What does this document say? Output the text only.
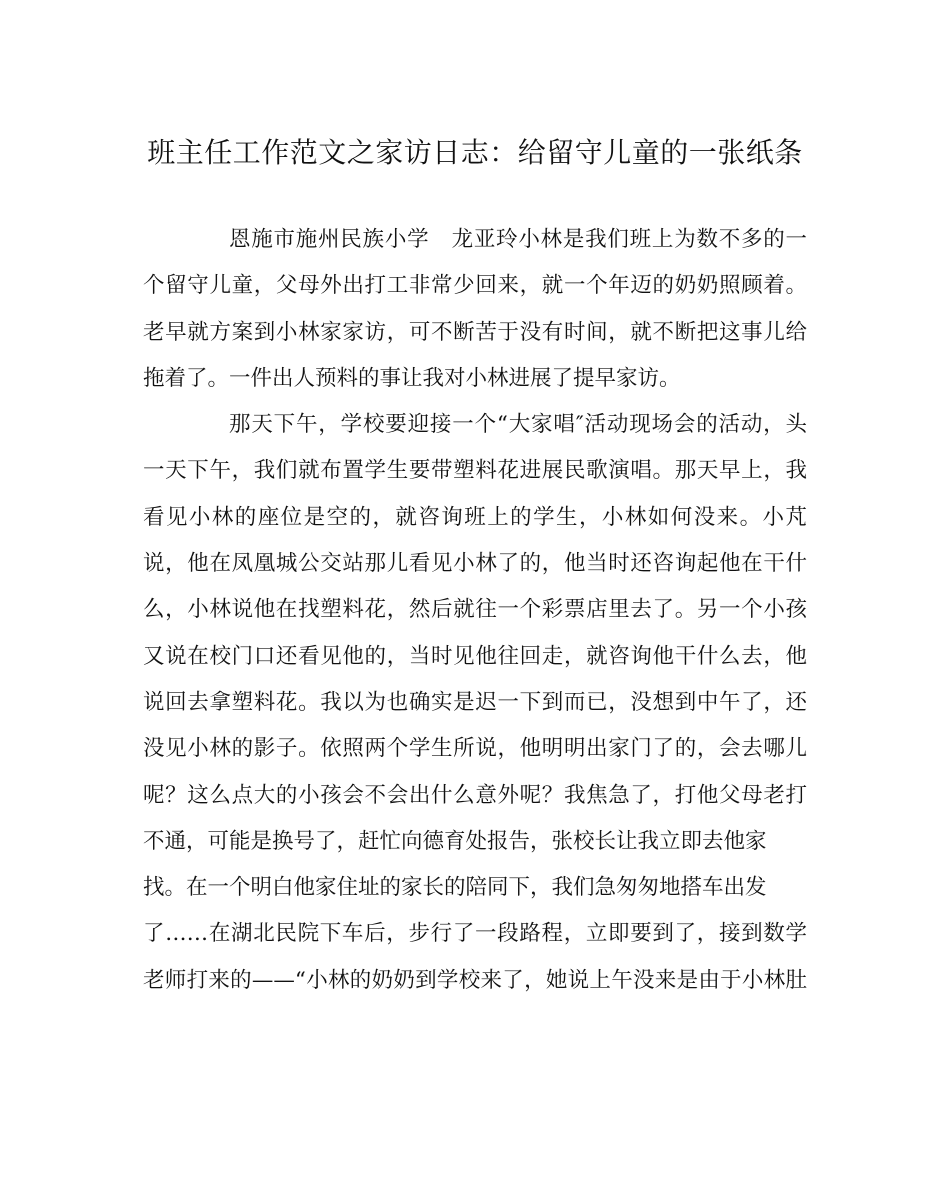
班主任工作范文之家访日志：给留守儿童的一张纸条
恩施市施州民族小学　龙亚玲小林是我们班上为数不多的一
个留守儿童，父母外出打工非常少回来，就一个年迈的奶奶照顾着。
老早就方案到小林家家访，可不断苦于没有时间，就不断把这事儿给
拖着了。一件出人预料的事让我对小林进展了提早家访。
那天下午，学校要迎接一个“大家唱″活动现场会的活动，头
一天下午，我们就布置学生要带塑料花进展民歌演唱。那天早上，我
看见小林的座位是空的，就咨询班上的学生，小林如何没来。小芃
说，他在凤凰城公交站那儿看见小林了的，他当时还咨询起他在干什
么，小林说他在找塑料花，然后就往一个彩票店里去了。另一个小孩
又说在校门口还看见他的，当时见他往回走，就咨询他干什么去，他
说回去拿塑料花。我以为也确实是迟一下到而已，没想到中午了，还
没见小林的影子。依照两个学生所说，他明明出家门了的，会去哪儿
呢？这么点大的小孩会不会出什么意外呢？我焦急了，打他父母老打
不通，可能是换号了，赶忙向德育处报告，张校长让我立即去他家
找。在一个明白他家住址的家长的陪同下，我们急匆匆地搭车出发
了……在湖北民院下车后，步行了一段路程，立即要到了，接到数学
老师打来的——“小林的奶奶到学校来了，她说上午没来是由于小林肚
